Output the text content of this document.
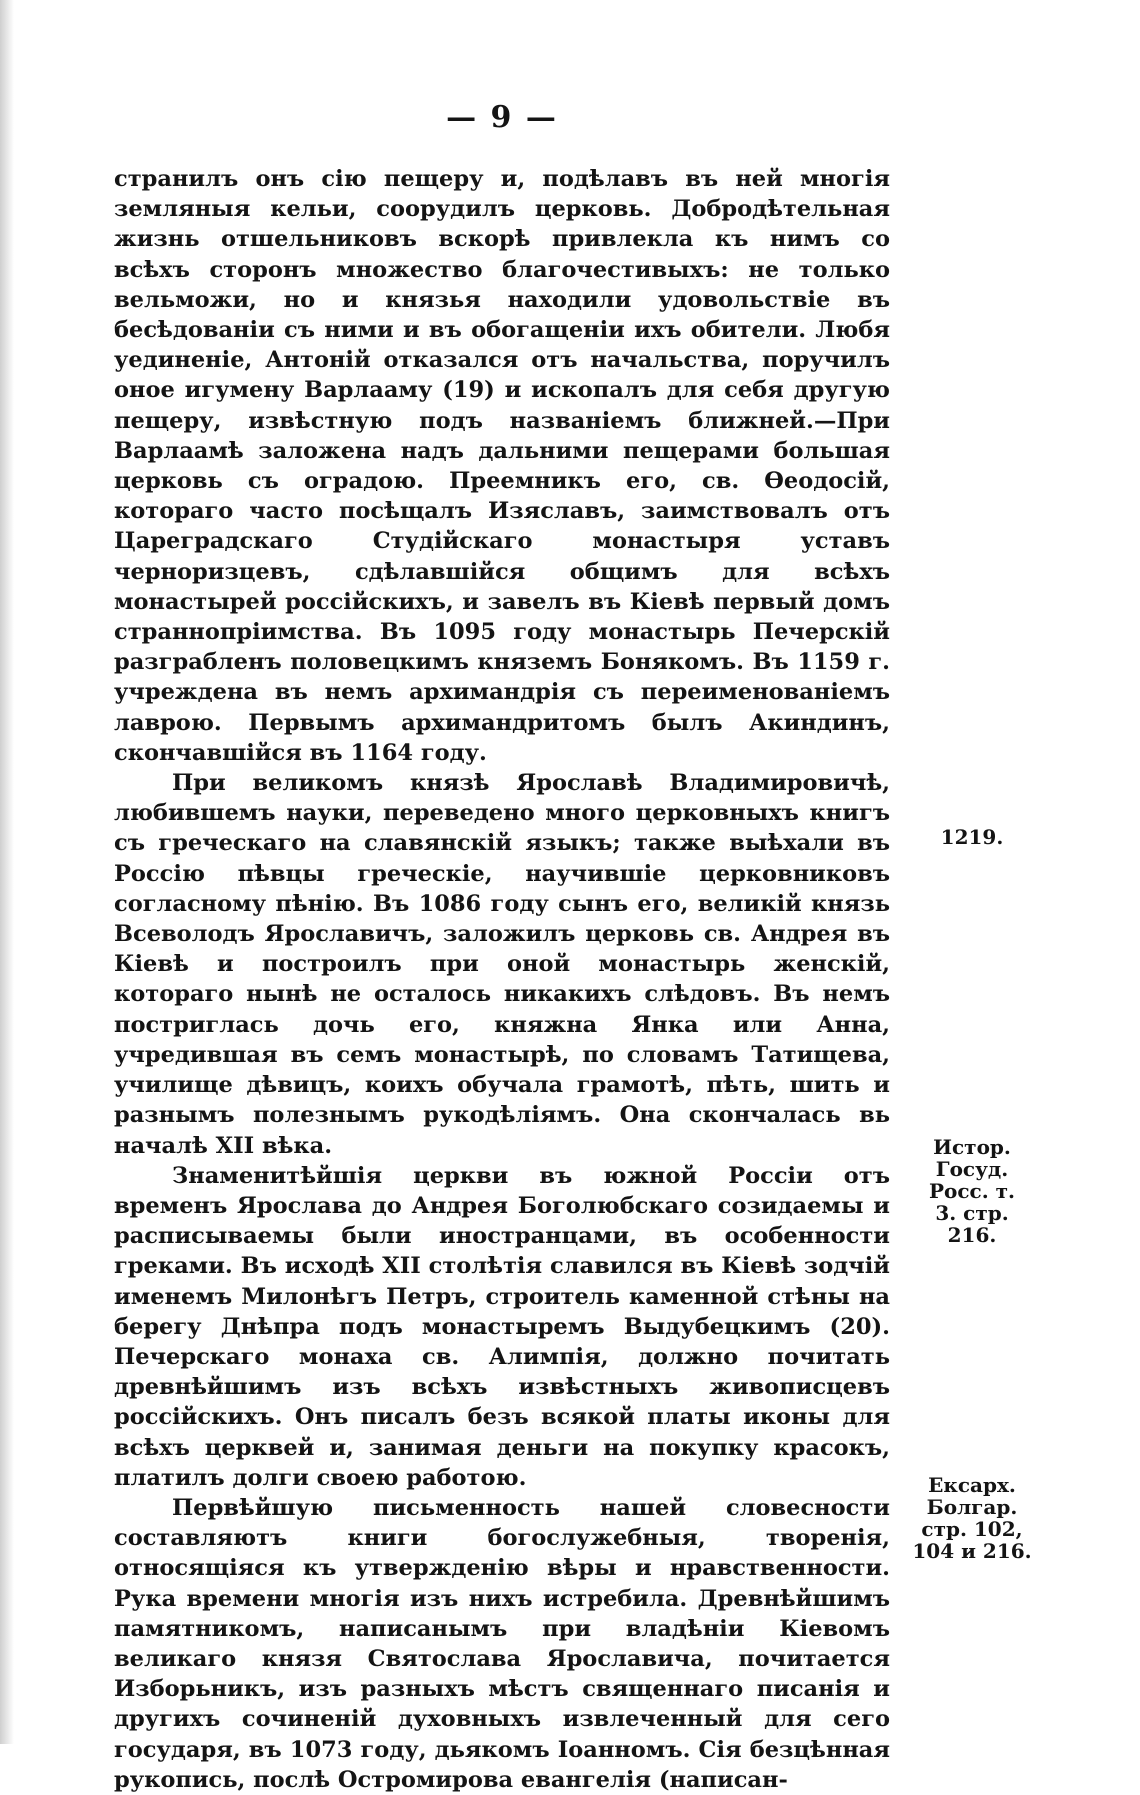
— 9 —

странилъ онъ сію пещеру и, подѣлавъ въ ней многія земляныя кельи, соорудилъ церковь. Добродѣтельная жизнь отшельниковъ вскорѣ привлекла къ нимъ со всѣхъ сторонъ множество благочестивыхъ: не только вельможи, но и князья находили удовольствіе въ бесѣдованіи съ ними и въ обогащеніи ихъ обители. Любя уединеніе, Антоній отказался отъ начальства, поручилъ оное игумену Варлааму (19) и ископалъ для себя другую пещеру, извѣстную подъ названіемъ ближней.—При Варлаамѣ заложена надъ дальними пещерами большая церковь съ оградою. Преемникъ его, св. Ѳеодосій, котораго часто посѣщалъ Изяславъ, заимствовалъ отъ Цареградскаго Студійскаго монастыря уставъ черноризцевъ, сдѣлавшійся общимъ для всѣхъ монастырей россійскихъ, и завелъ въ Кіевѣ первый домъ страннопріимства. Въ 1095 году монастырь Печерскій разграбленъ половецкимъ княземъ Бонякомъ. Въ 1159 г. учреждена въ немъ архимандрія съ переименованіемъ лаврою. Первымъ архимандритомъ былъ Акиндинъ, скончавшійся въ 1164 году.

При великомъ князѣ Ярославѣ Владимировичѣ, любившемъ науки, переведено много церковныхъ книгъ съ греческаго на славянскій языкъ; также выѣхали въ Россію пѣвцы греческіе, научившіе церковниковъ согласному пѣнію. Въ 1086 году сынъ его, великій князь Всеволодъ Ярославичъ, заложилъ церковь св. Андрея въ Кіевѣ и построилъ при оной монастырь женскій, котораго нынѣ не осталось никакихъ слѣдовъ. Въ немъ постриглась дочь его, княжна Янка или Анна, учредившая въ семъ монастырѣ, по словамъ Татищева, училище дѣвицъ, коихъ обучала грамотѣ, пѣть, шить и разнымъ полезнымъ рукодѣліямъ. Она скончалась вь началѣ XII вѣка.

Знаменитѣйшія церкви въ южной Россіи отъ временъ Ярослава до Андрея Боголюбскаго созидаемы и расписываемы были иностранцами, въ особенности греками. Въ исходѣ XII столѣтія славился въ Кіевѣ зодчій именемъ Милонѣгъ Петръ, строитель каменной стѣны на берегу Днѣпра подъ монастыремъ Выдубецкимъ (20). Печерскаго монаха св. Алимпія, должно почитать древнѣйшимъ изъ всѣхъ извѣстныхъ живописцевъ россійскихъ. Онъ писалъ безъ всякой платы иконы для всѣхъ церквей и, занимая деньги на покупку красокъ, платилъ долги своею работою.

Первѣйшую письменность нашей словесности составляютъ книги богослужебныя, творенія, относящіяся къ утвержденію вѣры и нравственности. Рука времени многія изъ нихъ истребила. Древнѣйшимъ памятникомъ, написанымъ при владѣніи Кіевомъ великаго князя Святослава Ярославича, почитается Изборьникъ, изъ разныхъ мѣстъ священнаго писанія и другихъ сочиненій духовныхъ извлеченный для сего государя, въ 1073 году, дьякомъ Іоанномъ. Сія безцѣнная рукопись, послѣ Остромирова евангелія (написан-

1219.
Истор.
Госуд.
Росс. т.
3. стр.
216.
Ексарх.
Болгар.
стр. 102,
104 и 216.
